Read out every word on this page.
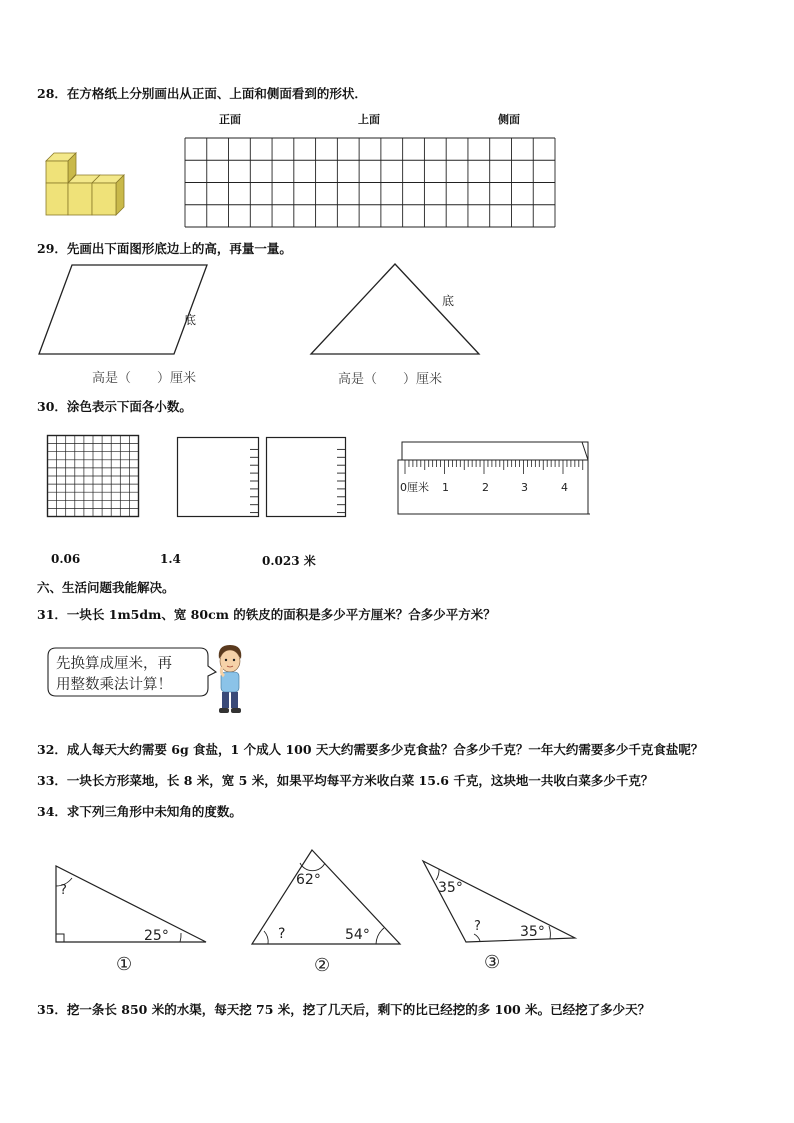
28．在方格纸上分别画出从正面、上面和侧面看到的形状．
正面	上面	侧面
29．先画出下面图形底边上的高，再量一量。
底
高是（　　）厘米
底
高是（　　）厘米
30．涂色表示下面各小数。
0厘米 1	2	3	4
0.06	1.4	0.023 米
六、生活问题我能解决。
31．一块长 1m5dm、宽 80cm 的铁皮的面积是多少平方厘米？合多少平方米？
先换算成厘米，再
用整数乘法计算！
32．成人每天大约需要 6g 食盐，1 个成人 100 天大约需要多少克食盐？合多少千克？一年大约需要多少千克食盐呢？
33．一块长方形菜地，长 8 米，宽 5 米，如果平均每平方米收白菜 15.6 千克，这块地一共收白菜多少千克？
34．求下列三角形中未知角的度数。
?
25°
①
62°
?	54°
②
35°
?	35°
③
35．挖一条长 850 米的水渠，每天挖 75 米，挖了几天后，剩下的比已经挖的多 100 米。已经挖了多少天？
